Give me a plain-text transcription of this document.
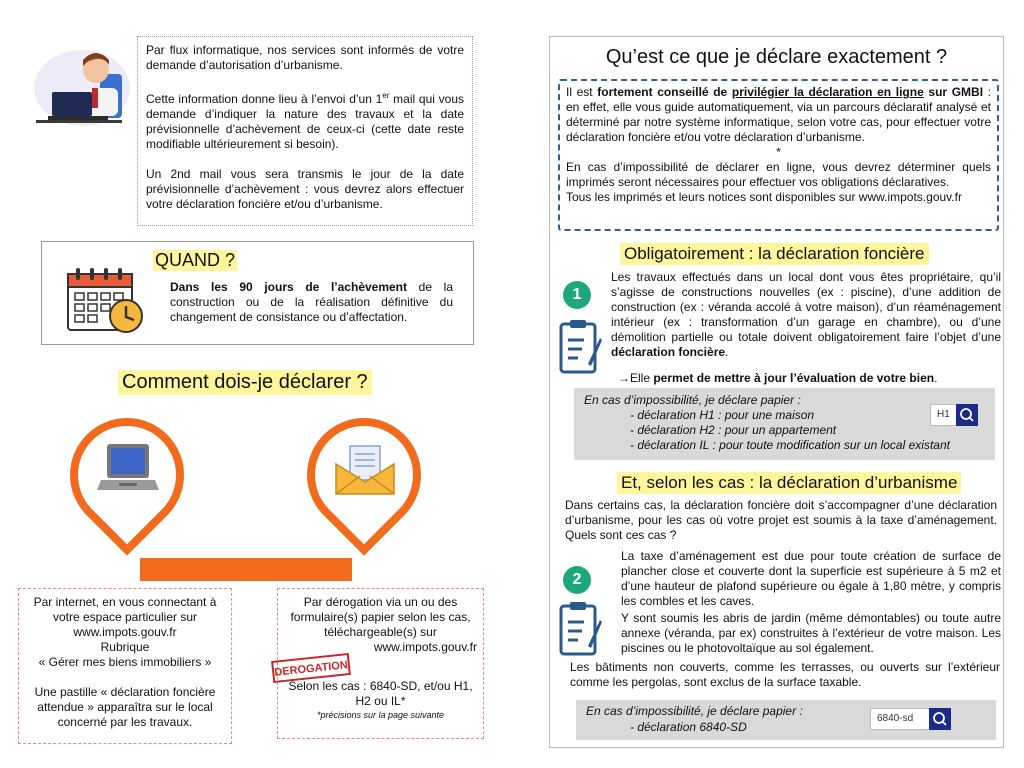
Par flux informatique, nos services sont informés de votre demande d’autorisation d’urbanisme.

Cette information donne lieu à l’envoi d’un 1er mail qui vous demande d’indiquer la nature des travaux et la date prévisionnelle d’achèvement de ceux-ci (cette date reste modifiable ultérieurement si besoin).

Un 2nd mail vous sera transmis le jour de la date prévisionnelle d’achèvement : vous devrez alors effectuer votre déclaration foncière et/ou d’urbanisme.

QUAND ?

Dans les 90 jours de l’achèvement de la construction ou de la réalisation définitive du changement de consistance ou d’affectation.

Comment dois-je déclarer ?

Par internet, en vous connectant à votre espace particulier sur

www.impots.gouv.fr

Rubrique

« Gérer mes biens immobiliers »

Une pastille « déclaration foncière attendue » apparaîtra sur le local concerné par les travaux.

Par dérogation via un ou des formulaire(s) papier selon les cas, téléchargeable(s) sur

www.impots.gouv.fr

Selon les cas : 6840-SD, et/ou H1, H2 ou IL*

*précisions sur la page suivante

DEROGATION
Qu’est ce que je déclare exactement ?

Il est fortement conseillé de privilégier la déclaration en ligne sur GMBI : en effet, elle vous guide automatiquement, via un parcours déclaratif analysé et déterminé par notre système informatique, selon votre cas, pour effectuer votre déclaration foncière et/ou votre déclaration d’urbanisme.

*

En cas d’impossibilité de déclarer en ligne, vous devrez déterminer quels imprimés seront nécessaires pour effectuer vos obligations déclaratives.

Tous les imprimés et leurs notices sont disponibles sur www.impots.gouv.fr

Obligatoirement : la déclaration foncière
1

Les travaux effectués dans un local dont vous êtes propriétaire, qu’il s’agisse de constructions nouvelles (ex : piscine), d’une addition de construction (ex : véranda accolé à votre maison), d’un réaménagement intérieur (ex : transformation d’un garage en chambre), ou d’une démolition partielle ou totale doivent obligatoirement faire l’objet d’une déclaration foncière.

→Elle permet de mettre à jour l’évaluation de votre bien.

En cas d’impossibilité, je déclare papier :

- déclaration H1 : pour une maison
- déclaration H2 : pour un appartement
- déclaration IL : pour toute modification sur un local existant
H1
Et, selon les cas : la déclaration d’urbanisme

Dans certains cas, la déclaration foncière doit s’accompagner d’une déclaration d’urbanisme, pour les cas où votre projet est soumis à la taxe d’aménagement. Quels sont ces cas ?

2

La taxe d’aménagement est due pour toute création de surface de plancher close et couverte dont la superficie est supérieure à 5 m2 et d’une hauteur de plafond supérieure ou égale à 1,80 mètre, y compris les combles et les caves.

Y sont soumis les abris de jardin (même démontables) ou toute autre annexe (véranda, par ex) construites à l’extérieur de votre maison. Les piscines ou le photovoltaïque au sol également.

Les bâtiments non couverts, comme les terrasses, ou ouverts sur l’extérieur comme les pergolas, sont exclus de la surface taxable.

En cas d’impossibilité, je déclare papier :

- déclaration 6840-SD

6840-sd
